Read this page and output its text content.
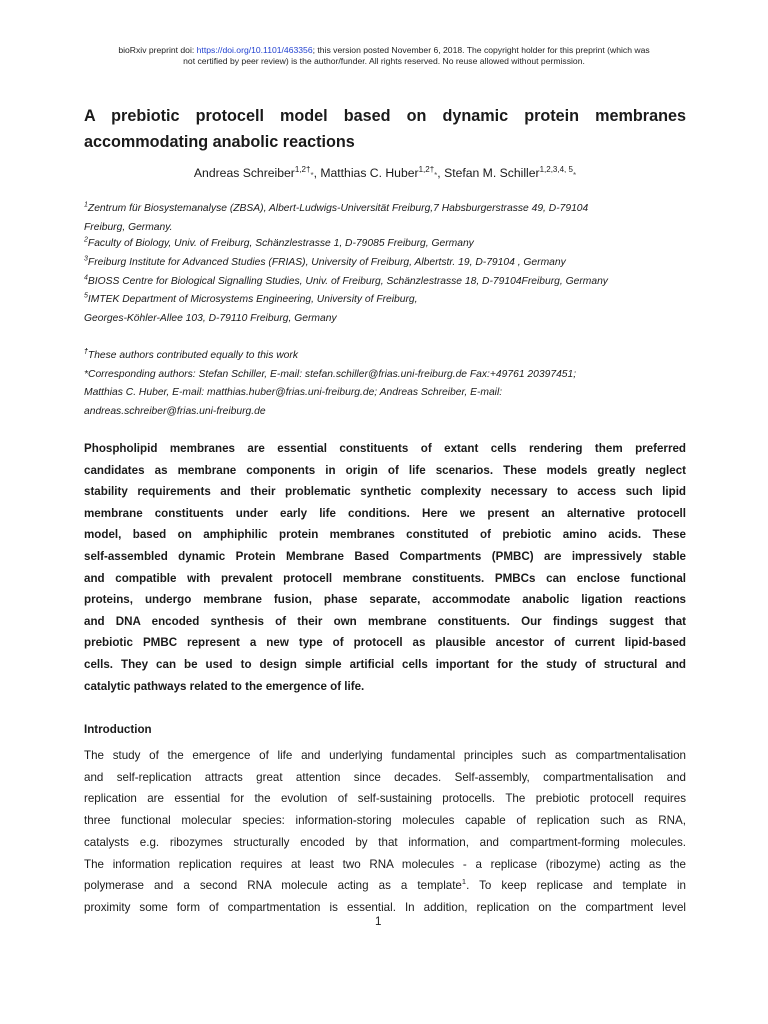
bioRxiv preprint doi: https://doi.org/10.1101/463356; this version posted November 6, 2018. The copyright holder for this preprint (which was
not certified by peer review) is the author/funder. All rights reserved. No reuse allowed without permission.
A prebiotic protocell model based on dynamic protein membranes
accommodating anabolic reactions
Andreas Schreiber$^{1,2\dagger}$*, Matthias C. Huber$^{1,2\dagger}$*, Stefan M. Schiller$^{1,2,3,4, 5}$*
$^1$Zentrum für Biosystemanalyse (ZBSA), Albert-Ludwigs-Universität Freiburg,7 Habsburgerstrasse 49, D-79104
Freiburg, Germany.
$^2$Faculty of Biology, Univ. of Freiburg, Schänzlestrasse 1, D-79085 Freiburg, Germany
$^3$Freiburg Institute for Advanced Studies (FRIAS), University of Freiburg, Albertstr. 19, D-79104 , Germany
$^4$BIOSS Centre for Biological Signalling Studies, Univ. of Freiburg, Schänzlestrasse 18, D-79104Freiburg, Germany
$^5$IMTEK Department of Microsystems Engineering, University of Freiburg,
Georges-Köhler-Allee 103, D-79110 Freiburg, Germany
†These authors contributed equally to this work
*Corresponding authors: Stefan Schiller, E-mail: stefan.schiller@frias.uni-freiburg.de Fax:+49761 20397451;
Matthias C. Huber, E-mail: matthias.huber@frias.uni-freiburg.de; Andreas Schreiber, E-mail:
andreas.schreiber@frias.uni-freiburg.de
Phospholipid membranes are essential constituents of extant cells rendering them preferred
candidates as membrane components in origin of life scenarios. These models greatly neglect
stability requirements and their problematic synthetic complexity necessary to access such lipid
membrane constituents under early life conditions. Here we present an alternative protocell
model, based on amphiphilic protein membranes constituted of prebiotic amino acids. These
self-assembled dynamic Protein Membrane Based Compartments (PMBC) are impressively stable
and compatible with prevalent protocell membrane constituents. PMBCs can enclose functional
proteins, undergo membrane fusion, phase separate, accommodate anabolic ligation reactions
and DNA encoded synthesis of their own membrane constituents. Our findings suggest that
prebiotic PMBC represent a new type of protocell as plausible ancestor of current lipid-based
cells. They can be used to design simple artificial cells important for the study of structural and
catalytic pathways related to the emergence of life.
Introduction
The study of the emergence of life and underlying fundamental principles such as compartmentalisation
and self-replication attracts great attention since decades. Self-assembly, compartmentalisation and
replication are essential for the evolution of self-sustaining protocells. The prebiotic protocell requires
three functional molecular species: information-storing molecules capable of replication such as RNA,
catalysts e.g. ribozymes structurally encoded by that information, and compartment-forming molecules.
The information replication requires at least two RNA molecules - a replicase (ribozyme) acting as the
polymerase and a second RNA molecule acting as a template$^1$. To keep replicase and template in
proximity some form of compartmentation is essential. In addition, replication on the compartment level
1
